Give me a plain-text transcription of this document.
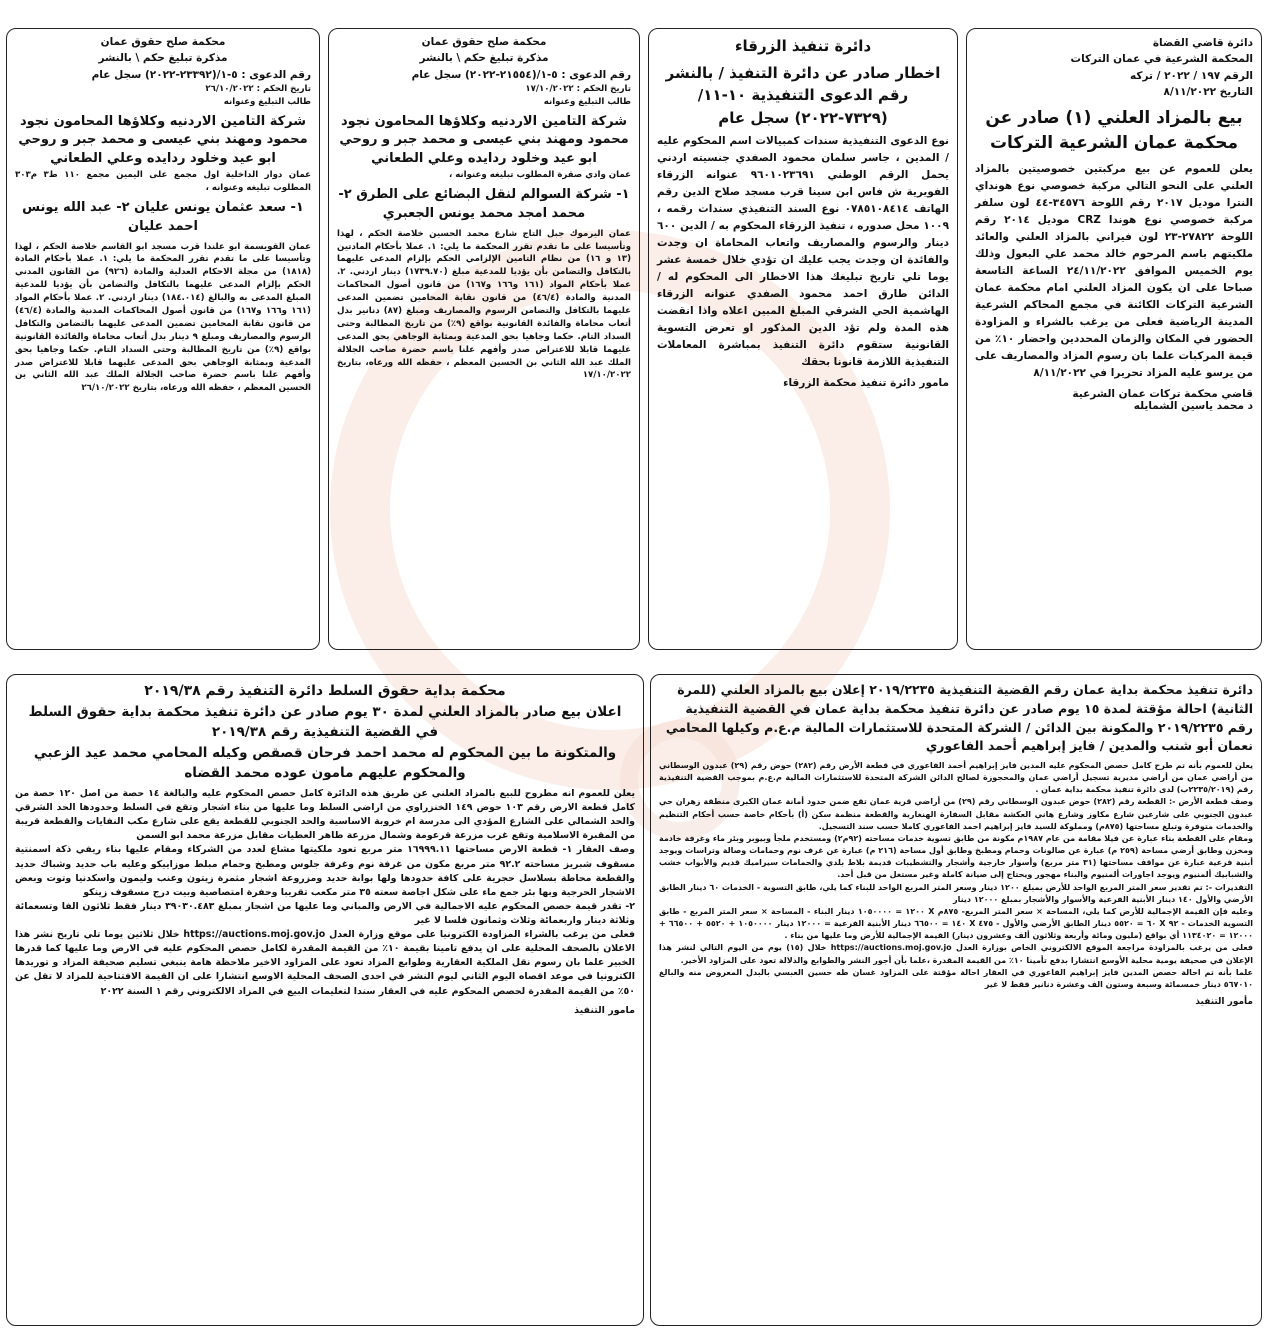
دائرة قاضي القضاة
المحكمة الشرعية في عمان التركات
الرقم ١٩٧ / ٢٠٢٢ / تركه
التاريخ ٨/١١/٢٠٢٢
بيع بالمزاد العلني (١) صادر عن محكمة عمان الشرعية التركات
يعلن للعموم عن بيع مركبتين خصوصيتين بالمزاد العلني على النحو التالي مركبة خصوصي نوع هونداي النترا موديل ٢٠١٧ رقم اللوحة ٣٤٥٧٦-٤٤ لون سلفر مركبة خصوصي نوع هوندا CRZ موديل ٢٠١٤ رقم اللوحة ٢٧٨٢٢-٢٣ لون فيراني بالمزاد العلني والعائد ملكيتهم باسم المرحوم خالد محمد علي البعول وذلك يوم الخميس الموافق ٢٤/١١/٢٠٢٢ الساعة التاسعة صباحا على ان يكون المزاد العلني امام محكمة عمان الشرعية التركات الكائنة في مجمع المحاكم الشرعية المدينة الرياضية فعلى من يرغب بالشراء و المزاودة الحضور في المكان والزمان المحددين واحضار ١٠٪ من قيمة المركبات علما بان رسوم المزاد والمصاريف على من يرسو عليه المزاد تحريرا في ٨/١١/٢٠٢٢
قاضي محكمة تركات عمان الشرعية
د محمد ياسين الشمايله
دائرة تنفيذ الزرقاء
اخطار صادر عن دائرة التنفيذ / بالنشر رقم الدعوى التنفيذية ١٠-١١/ (٧٣٢٩-٢٠٢٢) سجل عام
نوع الدعوى التنفيذية سندات كمبيالات اسم المحكوم عليه / المدين ، جاسر سلمان محمود الصفدي جنسيته اردني يحمل الرقم الوطني ٩٦٠١٠٢٣٦٩١ عنوانه الزرقاء الفويرية ش فاس ابن سينا قرب مسجد صلاح الدين رقم الهاتف ٠٧٨٥١٠٨٤١٤ نوع السند التنفيذي سندات رقمه ، ١٠٠٩ محل صدوره ، تنفيذ الزرقاء المحكوم به / الدين ٦٠٠ دينار والرسوم والمصاريف واتعاب المحاماة ان وجدت والفائدة ان وجدت يجب عليك ان تؤدي خلال خمسة عشر يوما تلي تاريخ تبليغك هذا الاخطار الى المحكوم له / الدائن طارق احمد محمود الصفدي عنوانه الزرقاء الهاشمية الحي الشرقي المبلغ المبين اعلاه واذا انقضت هذه المدة ولم تؤد الدين المذكور او تعرض التسوية القانونية ستقوم دائرة التنفيذ بمباشرة المعاملات التنفيذية اللازمة قانونا بحقك
مامور دائرة تنفيذ محكمة الزرقاء
محكمة صلح حقوق عمان
مذكرة تبليغ حكم \ بالنشر
رقم الدعوى : ٥-١/(٢١٥٥٤-٢٠٢٢) سجل عام
تاريخ الحكم : ١٧/١٠/٢٠٢٢
طالب التبليغ وعنوانه
شركة التامين الاردنيه وكلاؤها المحامون نجود محمود ومهند بني عيسى و محمد جبر و روحي ابو عيد وخلود ردايده وعلي الطعاني
عمان وادي صقرة المطلوب تبليغه وعنوانه ،
١- شركة السوالم لنقل البضائع على الطرق ٢- محمد امجد محمد يونس الجعبري
عمان اليرموك جبل التاج شارع محمد الحسين خلاصة الحكم ، لهذا وتأسيسا على ما تقدم تقرر المحكمة ما يلي: ١. عملا بأحكام المادتين (١٣ و ١٦) من نظام التامين الإلزامي الحكم بإلزام المدعى عليهما بالتكافل والتضامن بأن يؤديا للمدعية مبلغ (١٧٣٩.٧٠) دينار اردني. ٢. عملا بأحكام المواد (١٦١ و١٦٦ و١٦٧) من قانون أصول المحاكمات المدنية والمادة (٤٦/٤) من قانون نقابة المحامين تضمين المدعى عليهما بالتكافل والتضامن الرسوم والمصاريف ومبلغ (٨٧) دنانير بدل أتعاب محاماة والفائدة القانونية بواقع (٩٪) من تاريخ المطالبة وحتى السداد التام. حكما وجاهيا بحق المدعية وبمثابة الوجاهي بحق المدعى عليهما قابلا للاعتراض صدر وأفهم علنا باسم حضرة صاحب الجلالة الملك عبد الله الثاني بن الحسين المعظم ، حفظه الله ورعاه، بتاريخ ١٧/١٠/٢٠٢٢
محكمة صلح حقوق عمان
مذكرة تبليغ حكم \ بالنشر
رقم الدعوى : ٥-١/(٢٣٣٩٢-٢٠٢٢) سجل عام
تاريخ الحكم : ٢٦/١٠/٢٠٢٢
طالب التبليغ وعنوانه
شركة التامين الاردنيه وكلاؤها المحامون نجود محمود ومهند بني عيسى و محمد جبر و روحي ابو عيد وخلود ردايده وعلي الطعاني
عمان دوار الداخلية اول مجمع على اليمين مجمع ١١٠ ط٣ م٣٠٣ المطلوب تبليغه وعنوانه ،
١- سعد عثمان يونس عليان ٢- عبد الله يونس احمد عليان
عمان القويسمة ابو علندا قرب مسجد ابو القاسم خلاصة الحكم ، لهذا وتأسيسا على ما تقدم تقرر المحكمة ما يلي: ١. عملا بأحكام المادة (١٨١٨) من مجلة الاحكام العدلية والمادة (٩٢٦) من القانون المدني الحكم بإلزام المدعى عليهما بالتكافل والتضامن بأن يؤديا للمدعية المبلغ المدعى به والبالغ (١٨٤.٠١٤) دينار اردني. ٢. عملا بأحكام المواد (١٦١ و١٦٦ و١٦٧) من قانون أصول المحاكمات المدنية والمادة (٤٦/٤) من قانون نقابة المحامين تضمين المدعى عليهما بالتضامن والتكافل الرسوم والمصاريف ومبلغ ٩ دينار بدل أتعاب محاماة والفائدة القانونية بواقع (٩٪) من تاريخ المطالبة وحتى السداد التام. حكما وجاهيا بحق المدعية وبمثابة الوجاهي بحق المدعى عليهما قابلا للاعتراض صدر وأفهم علنا باسم حضرة صاحب الجلالة الملك عبد الله الثاني بن الحسين المعظم ، حفظه الله ورعاه، بتاريخ ٢٦/١٠/٢٠٢٢
دائرة تنفيذ محكمة بداية عمان رقم القضية التنفيذية ٢٠١٩/٢٢٣٥ إعلان بيع بالمزاد العلني (للمرة الثانية) احالة مؤقتة لمدة ١٥ يوم صادر عن دائرة تنفيذ محكمة بداية عمان في القضية التنفيذية رقم ٢٠١٩/٢٢٣٥ والمكونة بين الدائن / الشركة المتحدة للاستثمارات المالية م.ع.م وكيلها المحامي نعمان أبو شنب والمدين / فايز إبراهيم أحمد الفاعوري
يعلن للعموم بأنه تم طرح كامل حصص المحكوم عليه المدين فايز إبراهيم أحمد الفاعوري في قطعة الأرض رقم (٢٨٢) حوض رقم (٢٩) عبدون الوسطاني من أراضي عمان من أراضي مديرية تسجيل أراضي عمان والمحجوزة لصالح الدائن الشركة المتحدة للاستثمارات المالية م.ع.م بموجب القضية التنفيذية رقم (٢٢٣٥/٢٠١٩ب) لدى دائرة تنفيذ محكمة بداية عمان .
وصف قطعة الأرض -: القطعة رقم (٢٨٢) حوض عبدون الوسطاني رقم (٢٩) من أراضي قرية عمان تقع ضمن حدود أمانة عمان الكبرى منطقة زهران حي عبدون الجنوبي على شارعين شارع مكاوز وشارع هاني العكشة مقابل السفارة الهنغارية والقطعة منظمة سكن (أ) بأحكام خاصة حسب أحكام التنظيم والخدمات متوفرة وتبلغ مساحتها (٨٧٥م) ومملوكة للسيد فايز إبراهيم احمد الفاعوري كاملا حسب سند التسجيل.
ومقام على القطعة بناء عبارة عن فيلا مقامة من عام ١٩٨٧م مكونة من طابق تسوية خدمات مساحته (٩٢م٢) ومستخدم ملجأ وبيوبر وبئر ماء وغرفة خادمة ومخزن وطابق أرضي مساحة (٢٥٩ م) عبارة عن صالونات وحمام ومطبخ وطابق أول مساحة (٢١٦ م) عبارة عن غرف نوم وحمامات وصالة وتراسات ويوجد أبنية فرعية عبارة عن مواقف مساحتها (٣١ متر مربع) وأسوار خارجية وأشجار والتشطيبات قديمة بلاط بلدي والحمامات سيراميك قديم والأبواب خشب والشبابيك ألمنيوم ويوجد اجاورات ألمنيوم والبناء مهجور ويحتاج إلى صيانة كاملة وغير مستغل من قبل أحد.
التقديرات -: تم تقدير سعر المتر المربع الواحد للأرض بمبلغ ١٢٠٠ دينار وسعر المتر المربع الواحد للبناء كما يلي، طابق التسوية - الخدمات ٦٠ دينار الطابق الأرضي والأول ١٤٠ دينار الأبنية الفرعية والأسوار والأشجار بمبلغ ١٢٠٠٠ دينار
وعليه فإن القيمة الإجمالية للأرض كما يلي، المساحة × سعر المتر المربع- ٨٧٥م X ١٢٠٠ = ١٠٥٠٠٠٠ دينار البناء - المساحة × سعر المتر المربع - طابق التسوية الخدمات - ٩٢ X ٦٠ = ٥٥٢٠ دينار الطابق الأرضي والأول - ٤٧٥ X ١٤٠ = ٦٦٥٠٠ دينار الأبنية الفرعية = ١٢٠٠٠ دينار ١٠٥٠٠٠٠ + ٥٥٢٠ + ٦٦٥٠٠ + ١٢٠٠٠ = ١١٣٤٠٢٠ أي بواقع (مليون ومائة وأربعة وثلاثون ألف وعشرون دينار) القيمة الإجمالية للأرض وما عليها من بناء .
فعلى من يرغب بالمزاودة مراجعة الموقع الالكتروني الخاص بوزارة العدل https://auctions.moj.gov.jo خلال (١٥) يوم من اليوم التالي لنشر هذا الإعلان في صحيفة يومية محلية الأوسع انتشارا بدفع تأمينا ١٠٪ من القيمة المقدرة ،علما بأن أجور النشر والطوابع والدلالة تعود على المزاود الأخير.
علما بأنه تم احالة حصص المدين فايز إبراهيم الفاعوري في العقار احالة مؤقتة على المزاود غسان طه حسين العبسي بالبدل المعروض منه والبالغ ٥٦٧٠١٠ دينار خمسمائة وسبعة وستون الف وعشرة دنانير فقط لا غير
مأمور التنفيذ
محكمة بداية حقوق السلط دائرة التنفيذ رقم ٢٠١٩/٣٨
اعلان بيع صادر بالمزاد العلني لمدة ٣٠ يوم صادر عن دائرة تنفيذ محكمة بداية حقوق السلط في القضية التنفيذية رقم ٢٠١٩/٣٨
والمتكونة ما بين المحكوم له محمد احمد فرحان قصقص وكيله المحامي محمد عيد الزعبي والمحكوم عليهم مامون عوده محمد القضاه
يعلن للعموم انه مطروح للبيع بالمزاد العلني عن طريق هذه الدائرة كامل حصص المحكوم عليه والبالغة ١٤ حصة من اصل ١٢٠ حصة من كامل قطعة الارض رقم ١٠٣ حوض ١٤٩ الخنزراوي من اراضي السلط وما عليها من بناء اشجار وتقع في السلط وحدودها الحد الشرقي والحد الشمالي على الشارع المؤدي الى مدرسة ام خروبة الاساسية والحد الجنوبي للقطعة يقع على شارع مكب النفايات والقطعة قريبة من المقبرة الاسلامية وتقع غرب مزرعة قرعومة وشمال مزرعة طاهر العطيات مقابل مزرعة محمد ابو السمن
وصف العقار ١- قطعة الارض مساحتها ١٦٩٩٩.١١ متر مربع تعود ملكيتها مشاع لعدد من الشركاء ومقام عليها بناء ريفي ذكة اسمنتية مسقوف شبريز مساحته ٩٢.٢ متر مربع مكون من غرفة نوم وغرفة جلوس ومطبخ وحمام مبلط موزاييكو وعليه باب حديد وشباك حديد والقطعة محاطة بسلاسل حجرية على كافة حدودها ولها بوابة حديد ومزروعة اشجار مثمرة زيتون وعنب وليمون واسكدنيا وتوت وبعض الاشجار الحرجية وبها بئر جمع ماء على شكل اجاصة سعته ٣٥ متر مكعب تقريبا وحفرة امتصاصية وبيت درج مسقوف زينكو
٢- تقدر قيمة حصص المحكوم عليه الاجمالية في الارض والمباني وما عليها من اشجار بمبلغ ٣٩٠٣٠.٤٨٣ دينار فقط ثلاثون الفا وتسعمائة وثلاثة دينار واربعمائة وثلاث وثمانون فلسا لا غير
فعلى من يرغب بالشراء المزاودة الكترونيا على موقع وزارة العدل https://auctions.moj.gov.jo خلال ثلاثين يوما تلي تاريخ نشر هذا الاعلان بالصحف المحلية على ان يدفع تامينا بقيمة ١٠٪ من القيمة المقدرة لكامل حصص المحكوم عليه في الارض وما عليها كما قدرها الخبير علما بان رسوم نقل الملكية العقارية وطوابع المزاد تعود على المزاود الاخير ملاحظة هامة ينبغي تسليم صحيفة المزاد و توريدها الكترونيا في موعد اقصاه اليوم الثاني ليوم النشر في احدى الصحف المحلية الاوسع انتشارا على ان القيمة الافتتاحية للمزاد لا تقل عن ٥٠٪ من القيمة المقدرة لحصص المحكوم عليه في العقار سندا لتعليمات البيع في المزاد الالكتروني رقم ١ السنة ٢٠٢٢
مامور التنفيذ
